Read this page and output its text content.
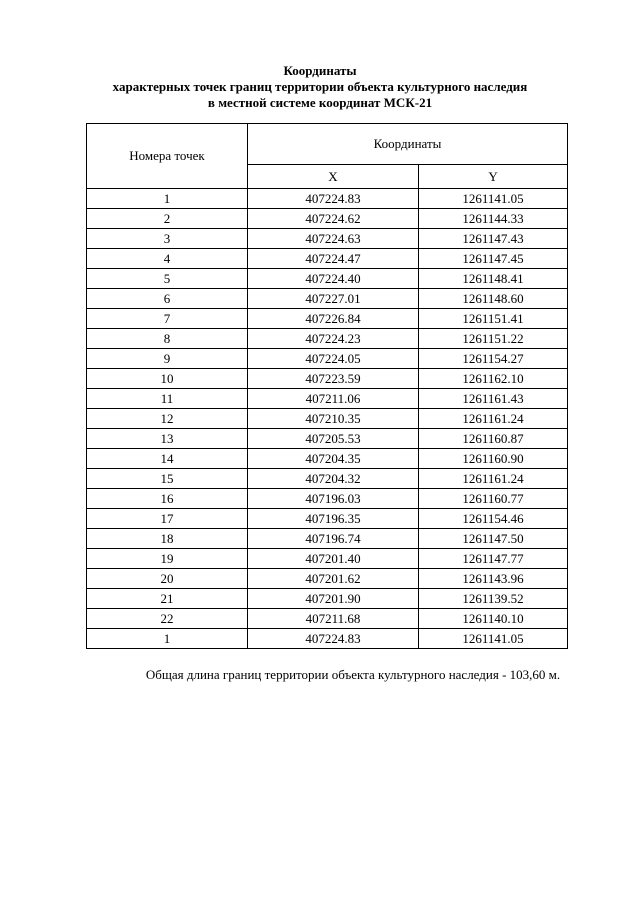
Координаты
характерных точек границ территории объекта культурного наследия
в местной системе координат МСК-21
Номера точек	Координаты	
	X	Y
1	407224.83	1261141.05
2	407224.62	1261144.33
3	407224.63	1261147.43
4	407224.47	1261147.45
5	407224.40	1261148.41
6	407227.01	1261148.60
7	407226.84	1261151.41
8	407224.23	1261151.22
9	407224.05	1261154.27
10	407223.59	1261162.10
11	407211.06	1261161.43
12	407210.35	1261161.24
13	407205.53	1261160.87
14	407204.35	1261160.90
15	407204.32	1261161.24
16	407196.03	1261160.77
17	407196.35	1261154.46
18	407196.74	1261147.50
19	407201.40	1261147.77
20	407201.62	1261143.96
21	407201.90	1261139.52
22	407211.68	1261140.10
1	407224.83	1261141.05
Общая длина границ территории объекта культурного наследия - 103,60 м.
